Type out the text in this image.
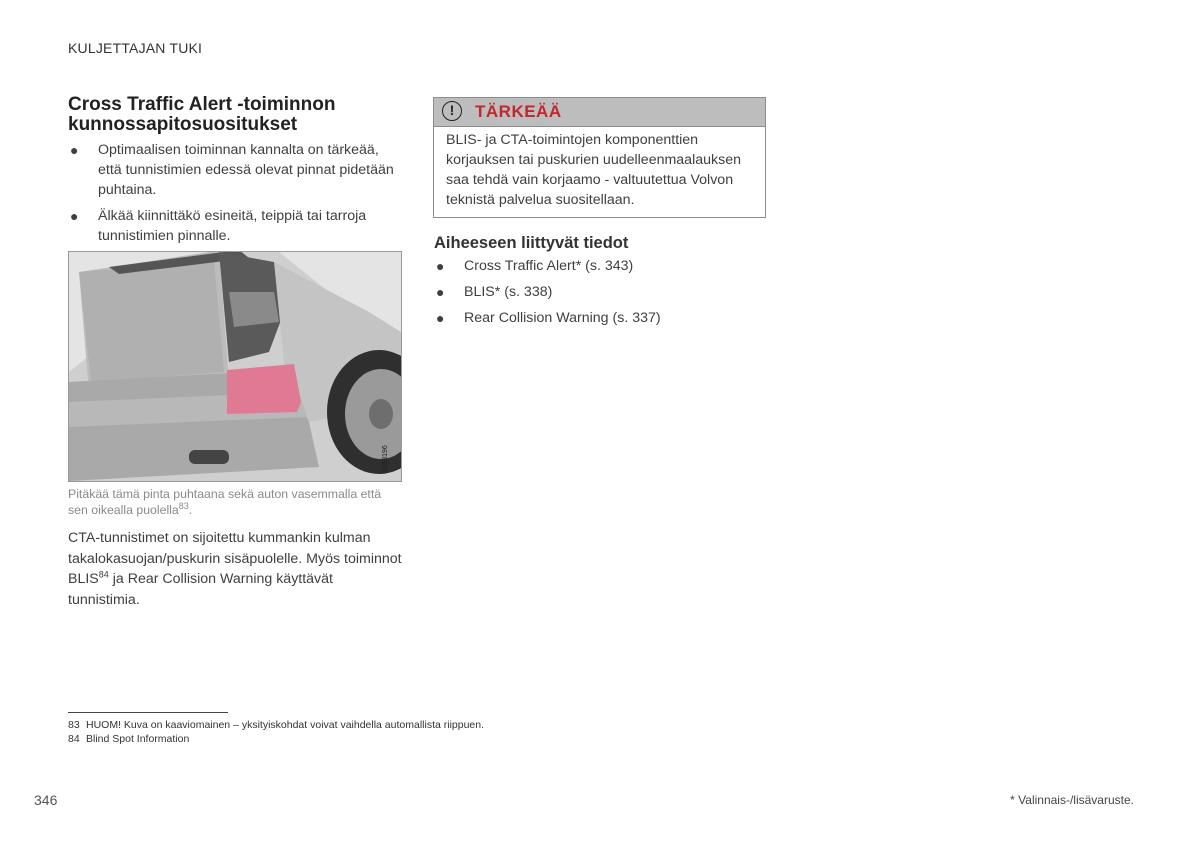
KULJETTAJAN TUKI
Cross Traffic Alert -toiminnon kunnossapitosuositukset
● Optimaalisen toiminnan kannalta on tärkeää, että tunnistimien edessä olevat pinnat pidetään puhtaina.
● Älkää kiinnittäkö esineitä, teippiä tai tarroja tunnistimien pinnalle.
G053196
Pitäkää tämä pinta puhtaana sekä auton vasemmalla että sen oikealla puolella$^{83}$.
CTA-tunnistimet on sijoitettu kummankin kulman takalokasuojan/puskurin sisäpuolelle. Myös toiminnot BLIS$^{84}$ ja Rear Collision Warning käyttävät tunnistimia.
!	TÄRKEÄÄ
BLIS- ja CTA-toimintojen komponenttien korjauksen tai puskurien uudelleenmaalauksen saa tehdä vain korjaamo - valtuutettua Volvon teknistä palvelua suositellaan.
Aiheeseen liittyvät tiedot
● Cross Traffic Alert* (s. 343)
● BLIS* (s. 338)
● Rear Collision Warning (s. 337)
83 HUOM! Kuva on kaaviomainen – yksityiskohdat voivat vaihdella automallista riippuen.
84 Blind Spot Information
346	* Valinnais-/lisävaruste.
